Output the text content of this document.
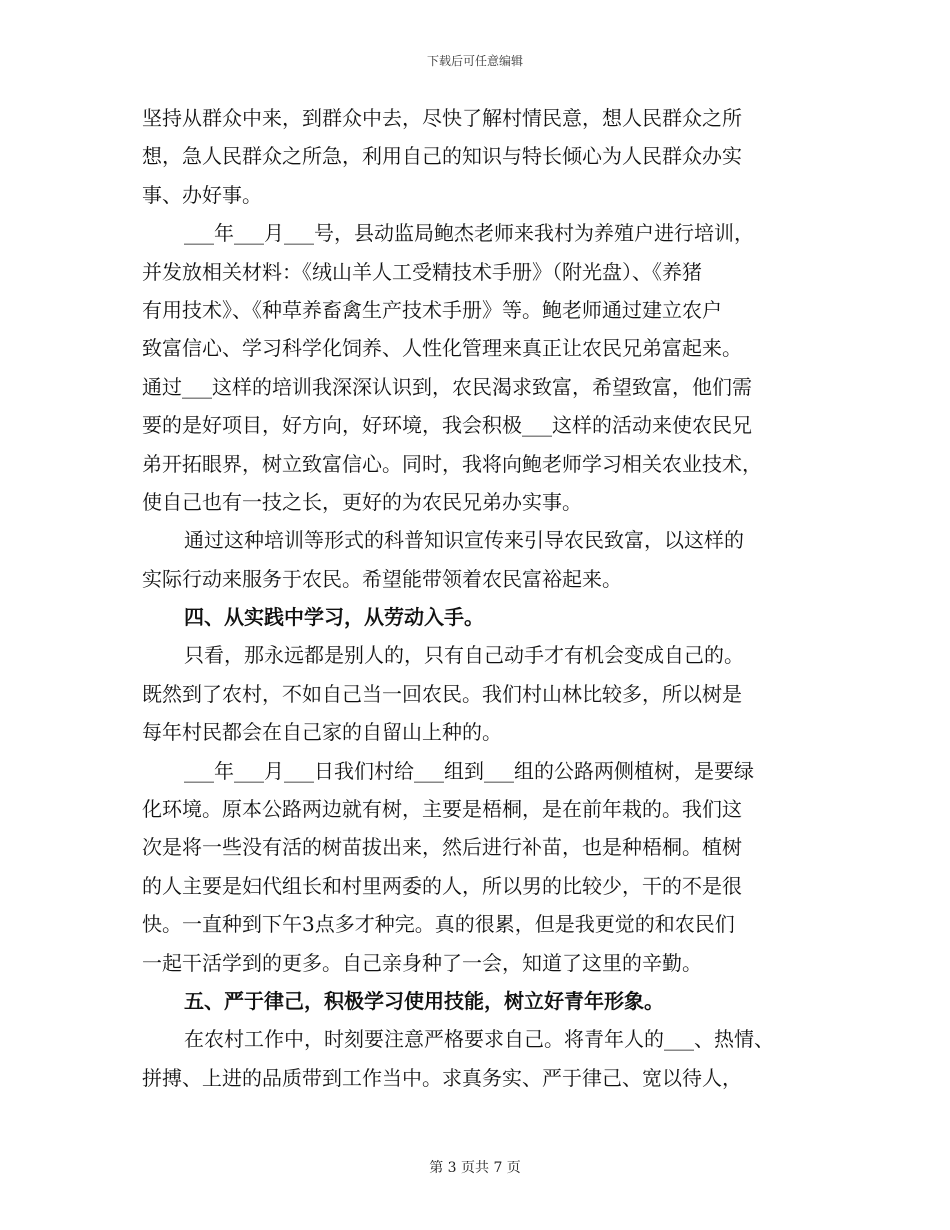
下载后可任意编辑
坚持从群众中来，到群众中去，尽快了解村情民意，想人民群众之所
想，急人民群众之所急，利用自己的知识与特长倾心为人民群众办实
事、办好事。
___年___月___号，县动监局鲍杰老师来我村为养殖户进行培训，
并发放相关材料：《绒山羊人工受精技术手册》（附光盘）、《养猪
有用技术》、《种草养畜禽生产技术手册》等。鲍老师通过建立农户
致富信心、学习科学化饲养、人性化管理来真正让农民兄弟富起来。
通过___这样的培训我深深认识到，农民渴求致富，希望致富，他们需
要的是好项目，好方向，好环境，我会积极___这样的活动来使农民兄
弟开拓眼界，树立致富信心。同时，我将向鲍老师学习相关农业技术，
使自己也有一技之长，更好的为农民兄弟办实事。
通过这种培训等形式的科普知识宣传来引导农民致富，以这样的
实际行动来服务于农民。希望能带领着农民富裕起来。
四、从实践中学习，从劳动入手。
只看，那永远都是别人的，只有自己动手才有机会变成自己的。
既然到了农村，不如自己当一回农民。我们村山林比较多，所以树是
每年村民都会在自己家的自留山上种的。
___年___月___日我们村给___组到___组的公路两侧植树，是要绿
化环境。原本公路两边就有树，主要是梧桐，是在前年栽的。我们这
次是将一些没有活的树苗拔出来，然后进行补苗，也是种梧桐。植树
的人主要是妇代组长和村里两委的人，所以男的比较少，干的不是很
快。一直种到下午3点多才种完。真的很累，但是我更觉的和农民们
一起干活学到的更多。自己亲身种了一会，知道了这里的辛勤。
五、严于律己，积极学习使用技能，树立好青年形象。
在农村工作中，时刻要注意严格要求自己。将青年人的___、热情、
拼搏、上进的品质带到工作当中。求真务实、严于律己、宽以待人，
第 3 页共 7 页
